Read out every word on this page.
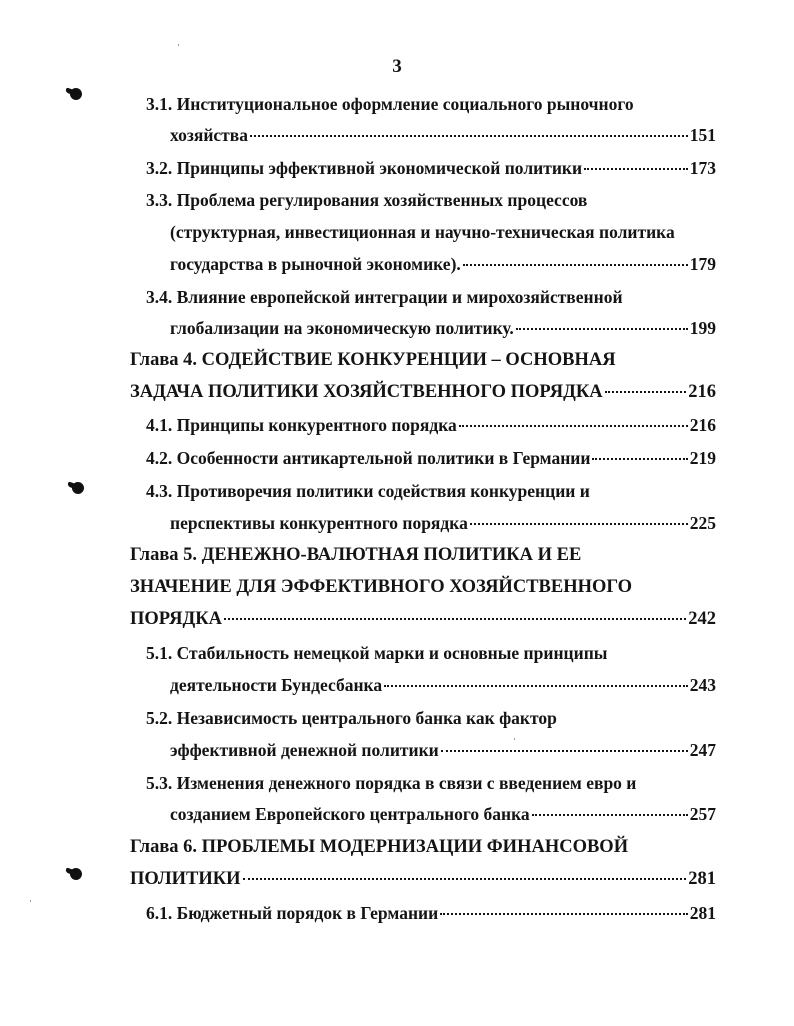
3
3.1. Институциональное оформление социального рыночного
хозяйства	151
3.2. Принципы эффективной экономической политики	173
3.3. Проблема регулирования хозяйственных процессов
(структурная, инвестиционная и научно-техническая политика
государства в рыночной экономике).	179
3.4. Влияние европейской интеграции и мирохозяйственной
глобализации на экономическую политику.	199
Глава 4. СОДЕЙСТВИЕ КОНКУРЕНЦИИ – ОСНОВНАЯ
ЗАДАЧА ПОЛИТИКИ ХОЗЯЙСТВЕННОГО ПОРЯДКА	216
4.1. Принципы конкурентного порядка	216
4.2. Особенности антикартельной политики в Германии	219
4.3. Противоречия политики содействия конкуренции и
перспективы конкурентного порядка	225
Глава 5. ДЕНЕЖНО-ВАЛЮТНАЯ ПОЛИТИКА И ЕЕ
ЗНАЧЕНИЕ ДЛЯ ЭФФЕКТИВНОГО ХОЗЯЙСТВЕННОГО
ПОРЯДКА	242
5.1. Стабильность немецкой марки и основные принципы
деятельности Бундесбанка	243
5.2. Независимость центрального банка как фактор
эффективной денежной политики	247
5.3. Изменения денежного порядка в связи с введением евро и
созданием Европейского центрального банка	257
Глава 6. ПРОБЛЕМЫ МОДЕРНИЗАЦИИ ФИНАНСОВОЙ
ПОЛИТИКИ	281
6.1. Бюджетный порядок в Германии	281
